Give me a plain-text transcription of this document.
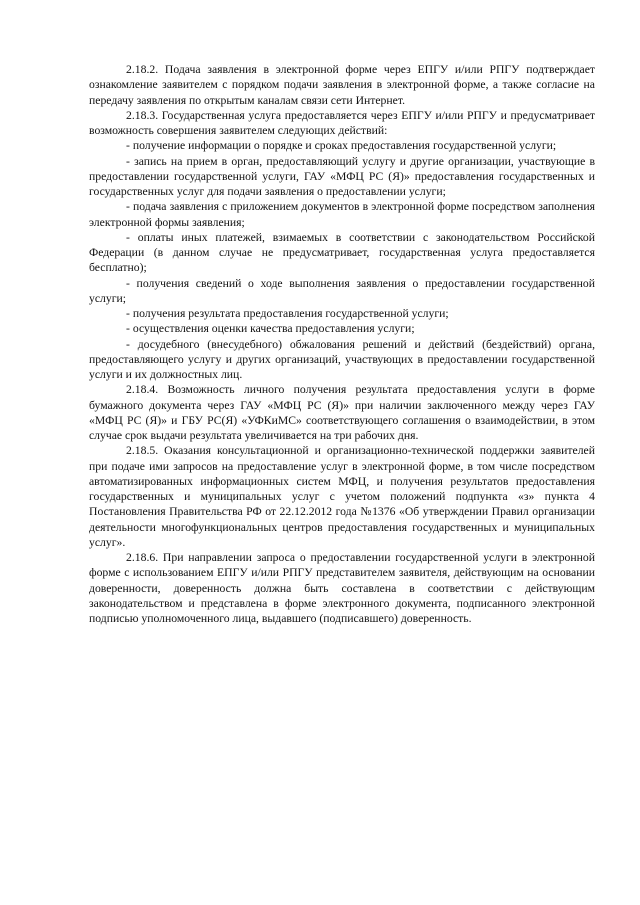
2.18.2. Подача заявления в электронной форме через ЕПГУ и/или РПГУ подтверждает ознакомление заявителем с порядком подачи заявления в электронной форме, а также согласие на передачу заявления по открытым каналам связи сети Интернет.

2.18.3. Государственная услуга предоставляется через ЕПГУ и/или РПГУ и предусматривает возможность совершения заявителем следующих действий:

- получение информации о порядке и сроках предоставления государственной услуги;

- запись на прием в орган, предоставляющий услугу и другие организации, участвующие в предоставлении государственной услуги, ГАУ «МФЦ РС (Я)» предоставления государственных и государственных услуг для подачи заявления о предоставлении услуги;

- подача заявления с приложением документов в электронной форме посредством заполнения электронной формы заявления;

- оплаты иных платежей, взимаемых в соответствии с законодательством Российской Федерации (в данном случае не предусматривает, государственная услуга предоставляется бесплатно);

- получения сведений о ходе выполнения заявления о предоставлении государственной услуги;

- получения результата предоставления государственной услуги;

- осуществления оценки качества предоставления услуги;

- досудебного (внесудебного) обжалования решений и действий (бездействий) органа, предоставляющего услугу и других организаций, участвующих в предоставлении государственной услуги и их должностных лиц.

2.18.4. Возможность личного получения результата предоставления услуги в форме бумажного документа через ГАУ «МФЦ РС (Я)» при наличии заключенного между через ГАУ «МФЦ РС (Я)» и ГБУ РС(Я) «УФКиМС» соответствующего соглашения о взаимодействии, в этом случае срок выдачи результата увеличивается на три рабочих дня.

2.18.5. Оказания консультационной и организационно-технической поддержки заявителей при подаче ими запросов на предоставление услуг в электронной форме, в том числе посредством автоматизированных информационных систем МФЦ, и получения результатов предоставления государственных и муниципальных услуг с учетом положений подпункта «з» пункта 4 Постановления Правительства РФ от 22.12.2012 года №1376 «Об утверждении Правил организации деятельности многофункциональных центров предоставления государственных и муниципальных услуг».

2.18.6. При направлении запроса о предоставлении государственной услуги в электронной форме с использованием ЕПГУ и/или РПГУ представителем заявителя, действующим на основании доверенности, доверенность должна быть составлена в соответствии с действующим законодательством и представлена в форме электронного документа, подписанного электронной подписью уполномоченного лица, выдавшего (подписавшего) доверенность.
